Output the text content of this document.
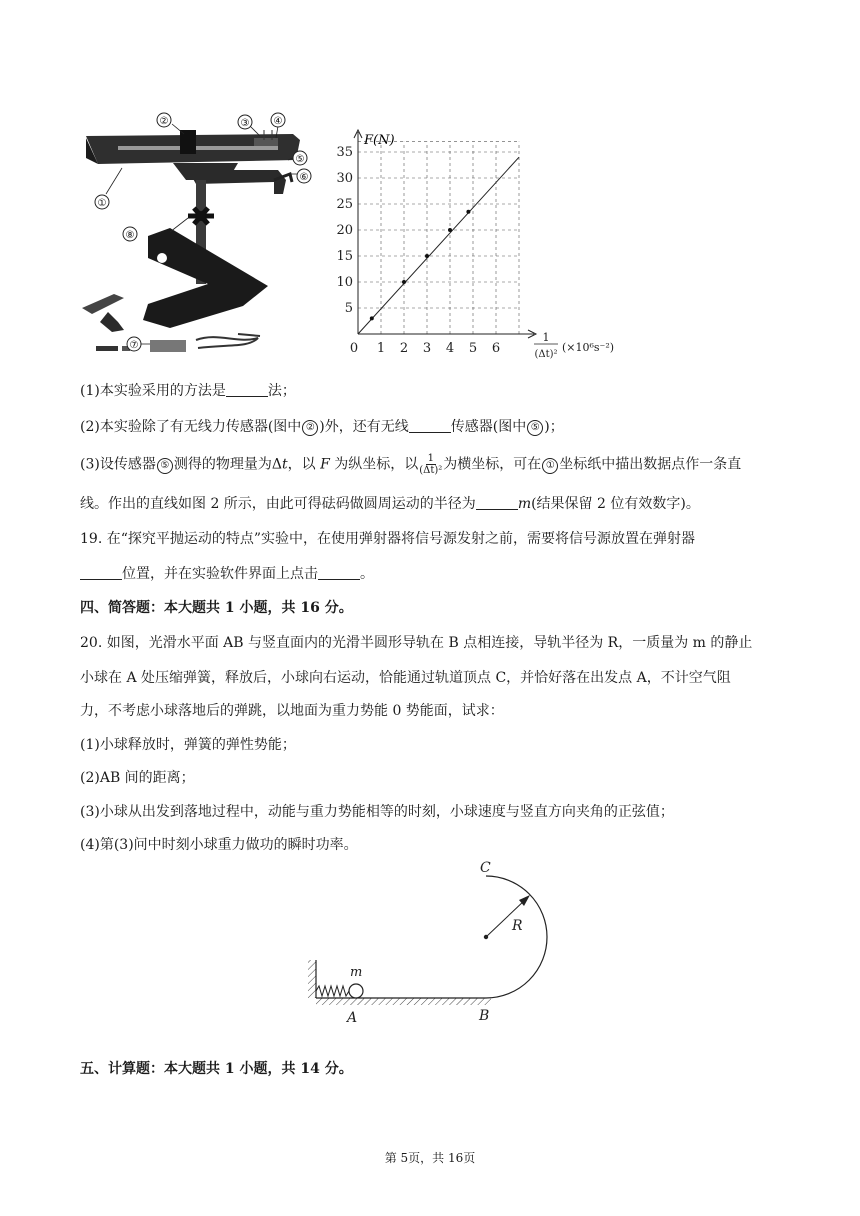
②	③ ④
①
⑤
⑥
⑧
⑦
F(N)
0 1 2 3 4 5 6
5
10
15
20
25
30
35
1
(Δt)²
(×10⁶s⁻²)
(1)本实验采用的方法是	法；
(2)本实验除了有无线力传感器(图中 ② )外，还有无线	传感器(图中 ⑤ )；
(3)设传感器 ⑤ 测得的物理量为Δt，以 F 为纵坐标，以 $\frac{1}{\text{(Δt)²}}$ 为横坐标，可在 ① 坐标纸中描出数据点作一条直
线。作出的直线如图 2 所示，由此可得砝码做圆周运动的半径为	m(结果保留 2 位有效数字)。
19. 在“探究平抛运动的特点”实验中，在使用弹射器将信号源发射之前，需要将信号源放置在弹射器
位置，并在实验软件界面上点击	。
四、简答题：本大题共 1 小题，共 16 分。
20. 如图，光滑水平面 AB 与竖直面内的光滑半圆形导轨在 B 点相连接，导轨半径为 R，一质量为 m 的静止
小球在 A 处压缩弹簧，释放后，小球向右运动，恰能通过轨道顶点 C，并恰好落在出发点 A，不计空气阻
力，不考虑小球落地后的弹跳，以地面为重力势能 0 势能面，试求：
(1)小球释放时，弹簧的弹性势能；
(2)AB 间的距离；
(3)小球从出发到落地过程中，动能与重力势能相等的时刻，小球速度与竖直方向夹角的正弦值；
(4)第(3)问中时刻小球重力做功的瞬时功率。
C
R
m
A	B
五、计算题：本大题共 1 小题，共 14 分。
第 5页，共 16页
